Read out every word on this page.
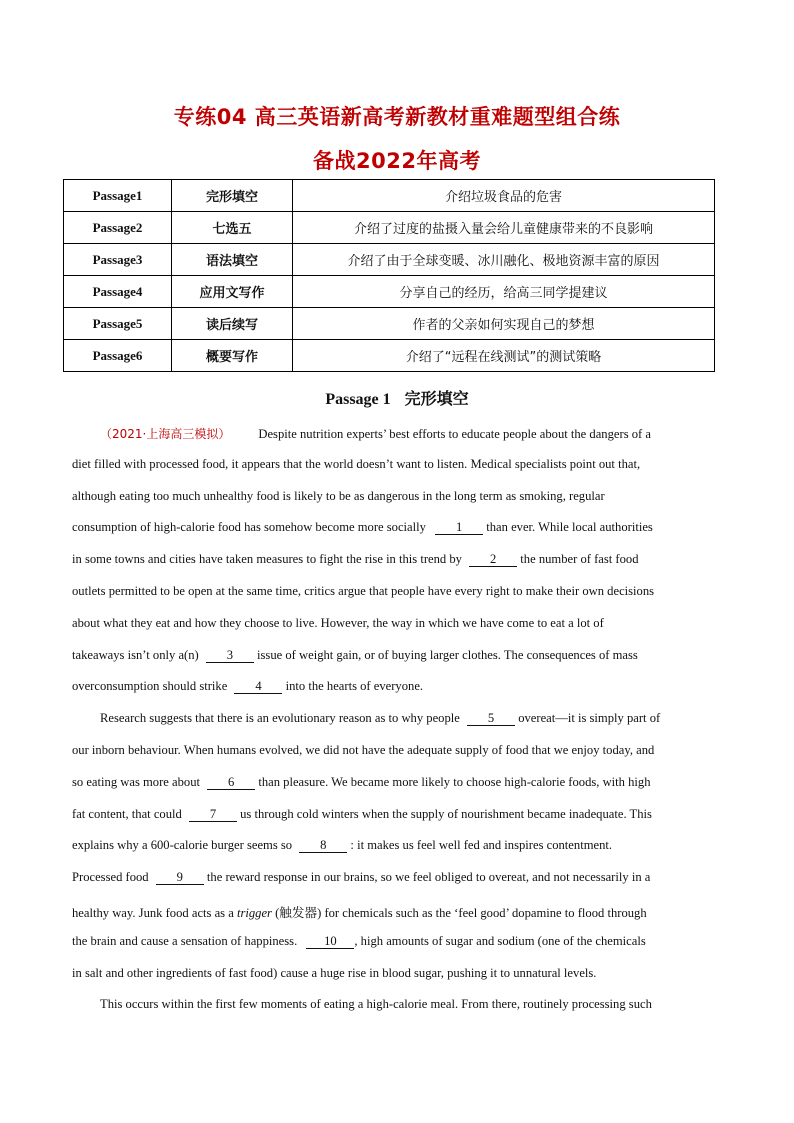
专练04 高三英语新高考新教材重难题型组合练
备战2022年高考
Passage1	完形填空	介绍垃圾食品的危害
Passage2	七选五	介绍了过度的盐摄入量会给儿童健康带来的不良影响
Passage3	语法填空	介绍了由于全球变暖、冰川融化、极地资源丰富的原因
Passage4	应用文写作	分享自己的经历，给高三同学提建议
Passage5	读后续写	作者的父亲如何实现自己的梦想
Passage6	概要写作	介绍了“远程在线测试”的测试策略
Passage 1 完形填空
（2021·上海高三模拟） Despite nutrition experts’ best efforts to educate people about the dangers of a
diet filled with processed food, it appears that the world doesn’t want to listen. Medical specialists point out that,
although eating too much unhealthy food is likely to be as dangerous in the long term as smoking, regular
consumption of high-calorie food has somehow become more socially 1 than ever. While local authorities
in some towns and cities have taken measures to fight the rise in this trend by 2 the number of fast food
outlets permitted to be open at the same time, critics argue that people have every right to make their own decisions
about what they eat and how they choose to live. However, the way in which we have come to eat a lot of
takeaways isn’t only a(n) 3 issue of weight gain, or of buying larger clothes. The consequences of mass
overconsumption should strike 4 into the hearts of everyone.
Research suggests that there is an evolutionary reason as to why people 5 overeat—it is simply part of
our inborn behaviour. When humans evolved, we did not have the adequate supply of food that we enjoy today, and
so eating was more about 6 than pleasure. We became more likely to choose high-calorie foods, with high
fat content, that could 7 us through cold winters when the supply of nourishment became inadequate. This
explains why a 600-calorie burger seems so 8 : it makes us feel well fed and inspires contentment.
Processed food 9 the reward response in our brains, so we feel obliged to overeat, and not necessarily in a
healthy way. Junk food acts as a trigger (触发器) for chemicals such as the ‘feel good’ dopamine to flood through
the brain and cause a sensation of happiness. 10 , high amounts of sugar and sodium (one of the chemicals
in salt and other ingredients of fast food) cause a huge rise in blood sugar, pushing it to unnatural levels.
This occurs within the first few moments of eating a high-calorie meal. From there, routinely processing such
